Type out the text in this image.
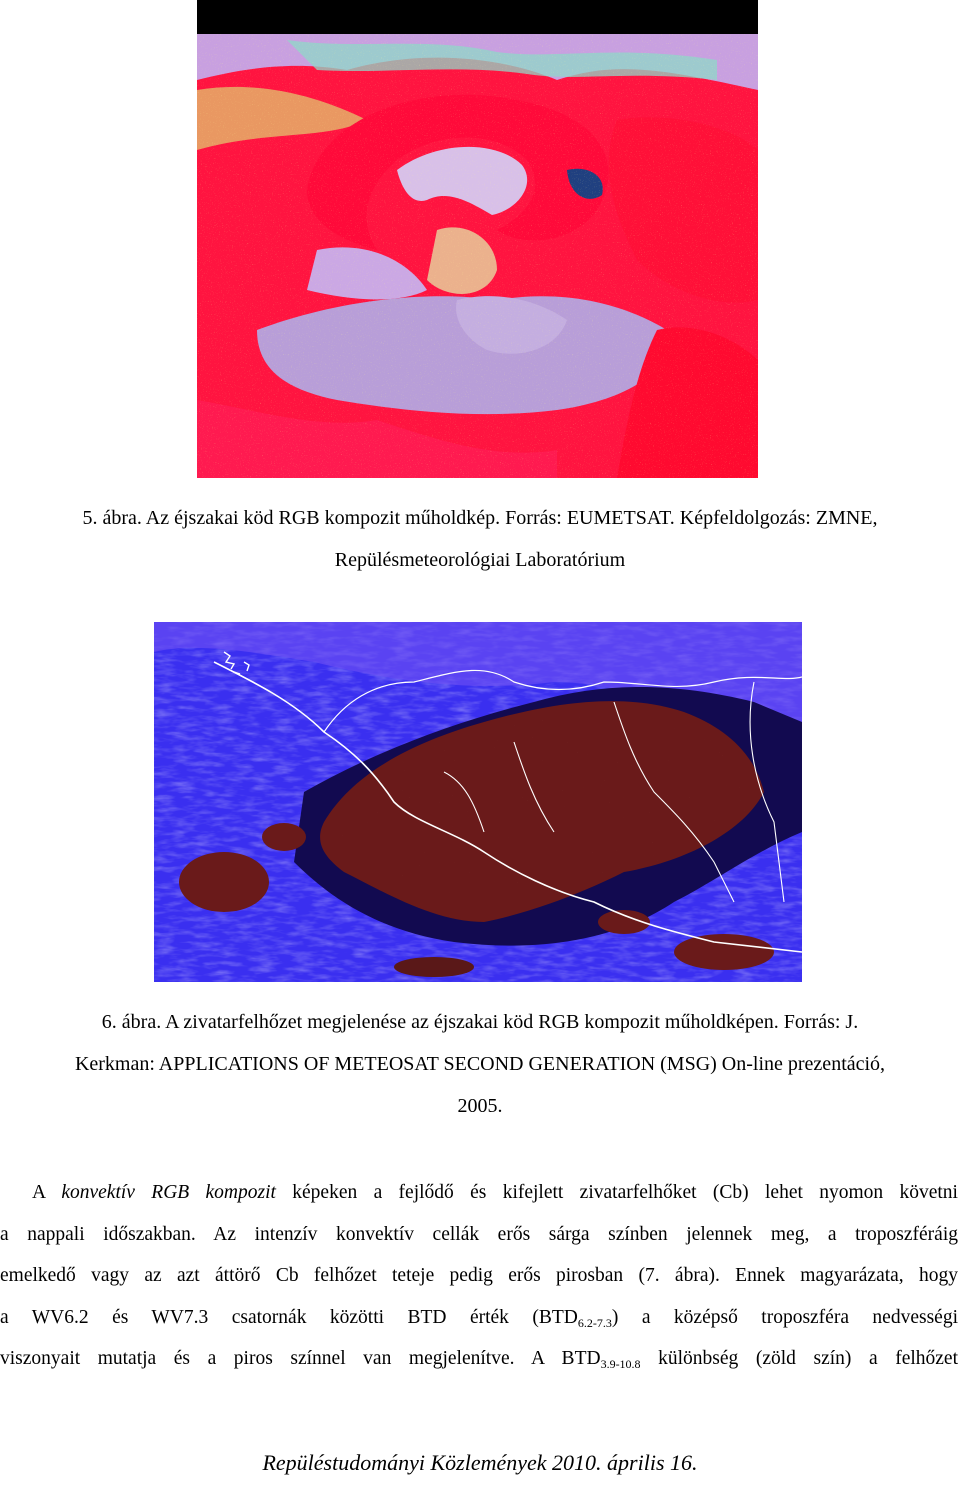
5. ábra. Az éjszakai köd RGB kompozit műholdkép. Forrás: EUMETSAT. Képfeldolgozás: ZMNE,
Repülésmeteorológiai Laboratórium
6. ábra. A zivatarfelhőzet megjelenése az éjszakai köd RGB kompozit műholdképen. Forrás: J.
Kerkman: APPLICATIONS OF METEOSAT SECOND GENERATION (MSG) On-line prezentáció,
2005.
A konvektív RGB kompozit képeken a fejlődő és kifejlett zivatarfelhőket (Cb) lehet nyomon követni
a nappali időszakban. Az intenzív konvektív cellák erős sárga színben jelennek meg, a troposzféráig
emelkedő vagy az azt áttörő Cb felhőzet teteje pedig erős pirosban (7. ábra). Ennek magyarázata, hogy
a WV6.2 és WV7.3 csatornák közötti BTD érték $(BTD_{6.2-7.3})$ a középső troposzféra nedvességi
viszonyait mutatja és a piros színnel van megjelenítve. A $BTD_{3.9-10.8}$ különbség (zöld szín) a felhőzet
Repüléstudományi Közlemények 2010. április 16.
